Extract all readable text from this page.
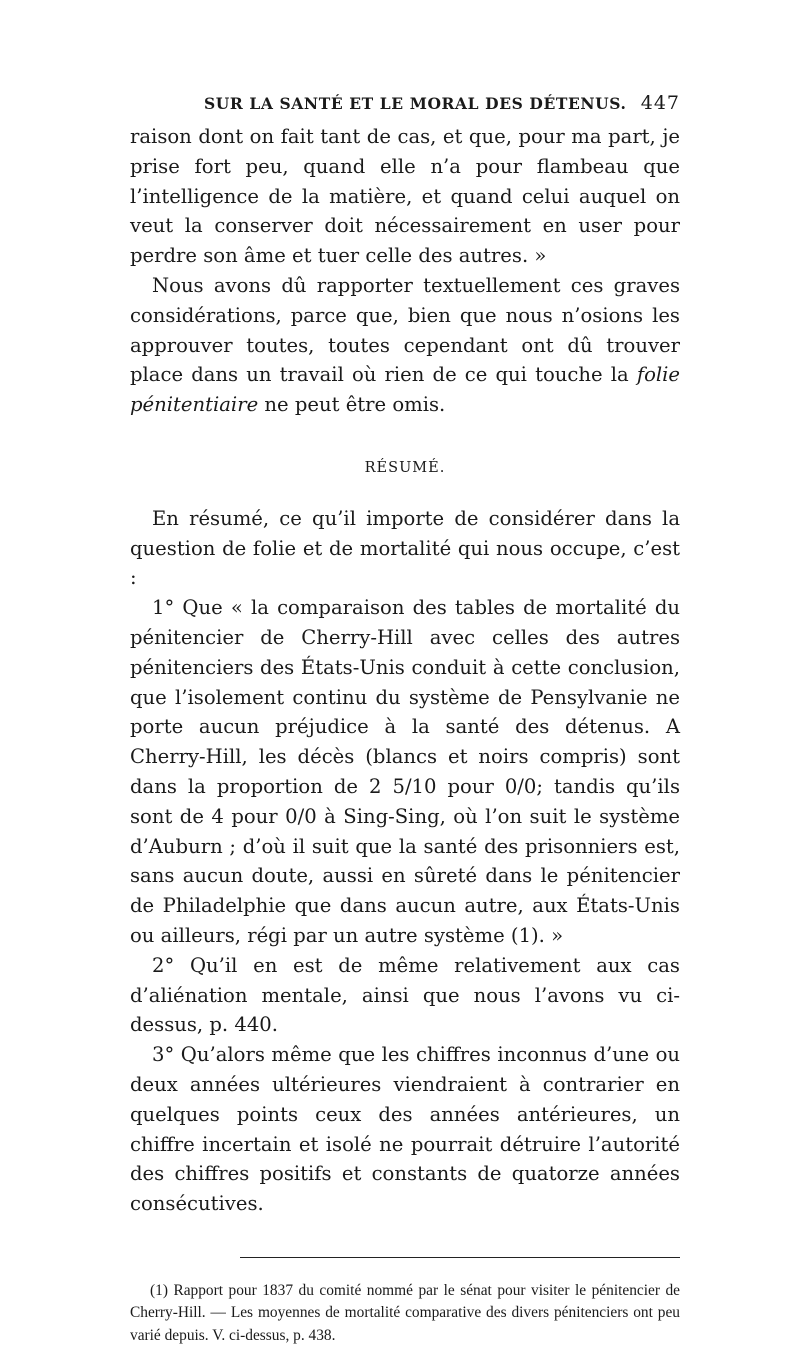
SUR LA SANTÉ ET LE MORAL DES DÉTENUS. 447

raison dont on fait tant de cas, et que, pour ma part, je prise fort peu, quand elle n’a pour flambeau que l’intelligence de la matière, et quand celui auquel on veut la conserver doit nécessairement en user pour perdre son âme et tuer celle des autres. »

Nous avons dû rapporter textuellement ces graves considérations, parce que, bien que nous n’osions les approuver toutes, toutes cependant ont dû trouver place dans un travail où rien de ce qui touche la folie pénitentiaire ne peut être omis.

RÉSUMÉ.

En résumé, ce qu’il importe de considérer dans la question de folie et de mortalité qui nous occupe, c’est :

1° Que « la comparaison des tables de mortalité du pénitencier de Cherry-Hill avec celles des autres pénitenciers des États-Unis conduit à cette conclusion, que l’isolement continu du système de Pensylvanie ne porte aucun préjudice à la santé des détenus. A Cherry-Hill, les décès (blancs et noirs compris) sont dans la proportion de 2 5/10 pour 0/0; tandis qu’ils sont de 4 pour 0/0 à Sing-Sing, où l’on suit le système d’Auburn ; d’où il suit que la santé des prisonniers est, sans aucun doute, aussi en sûreté dans le pénitencier de Philadelphie que dans aucun autre, aux États-Unis ou ailleurs, régi par un autre système (1). »

2° Qu’il en est de même relativement aux cas d’aliénation mentale, ainsi que nous l’avons vu ci-dessus, p. 440.

3° Qu’alors même que les chiffres inconnus d’une ou deux années ultérieures viendraient à contrarier en quelques points ceux des années antérieures, un chiffre incertain et isolé ne pourrait détruire l’autorité des chiffres positifs et constants de quatorze années consécutives.

(1) Rapport pour 1837 du comité nommé par le sénat pour visiter le pénitencier de Cherry-Hill. — Les moyennes de mortalité comparative des divers pénitenciers ont peu varié depuis. V. ci-dessus, p. 438.
